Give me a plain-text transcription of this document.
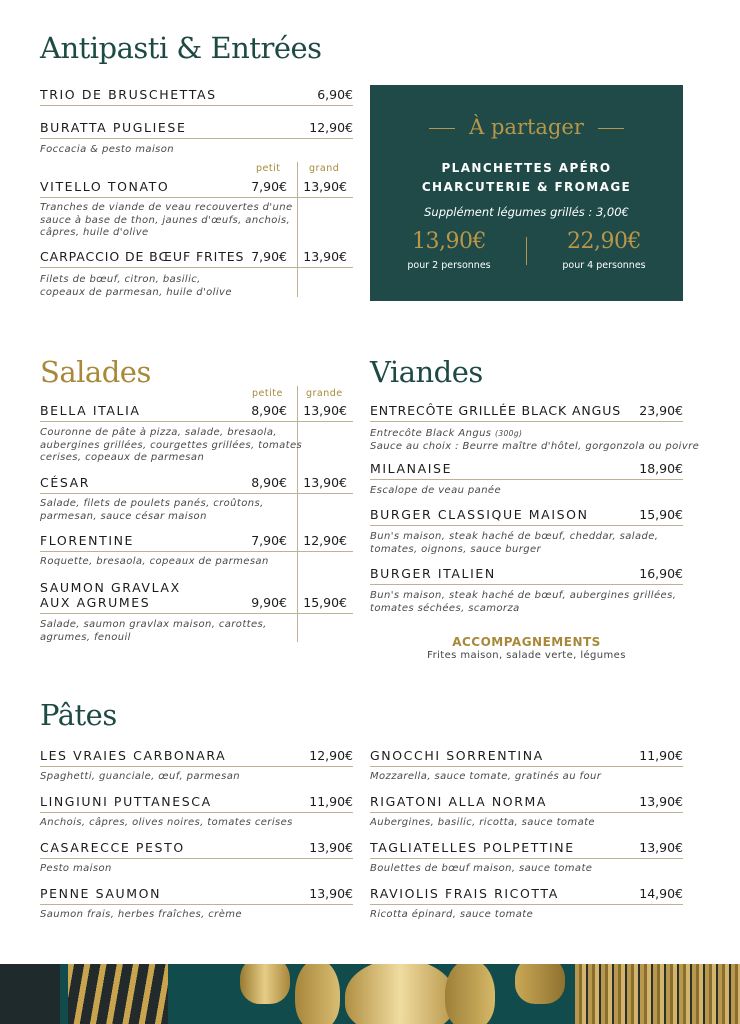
Antipasti & Entrées
TRIO DE BRUSCHETTAS	6,90€
BURATTA PUGLIESE	12,90€
Foccacia & pesto maison
petit	grand
VITELLO TONATO	7,90€ 13,90€
Tranches de viande de veau recouvertes d'une
sauce à base de thon, jaunes d'œufs, anchois,
câpres, huile d'olive
CARPACCIO DE BŒUF FRITES 7,90€ 13,90€
Filets de bœuf, citron, basilic,
copeaux de parmesan, huile d'olive
À partager
PLANCHETTES APÉRO
CHARCUTERIE & FROMAGE
Supplément légumes grillés : 3,00€
13,90€
pour 2 personnes
22,90€
pour 4 personnes
Salades
petite grande
BELLA ITALIA	8,90€ 13,90€
Couronne de pâte à pizza, salade, bresaola,
aubergines grillées, courgettes grillées, tomates
cerises, copeaux de parmesan
CÉSAR	8,90€ 13,90€
Salade, filets de poulets panés, croûtons,
parmesan, sauce césar maison
FLORENTINE	7,90€ 12,90€
Roquette, bresaola, copeaux de parmesan
SAUMON GRAVLAX
AUX AGRUMES	9,90€ 15,90€
Salade, saumon gravlax maison, carottes,
agrumes, fenouil
Viandes
ENTRECÔTE GRILLÉE BLACK ANGUS 23,90€
Entrecôte Black Angus (300g)
Sauce au choix : Beurre maître d'hôtel, gorgonzola ou poivre
MILANAISE	18,90€
Escalope de veau panée
BURGER CLASSIQUE MAISON	15,90€
Bun's maison, steak haché de bœuf, cheddar, salade,
tomates, oignons, sauce burger
BURGER ITALIEN	16,90€
Bun's maison, steak haché de bœuf, aubergines grillées,
tomates séchées, scamorza
ACCOMPAGNEMENTS
Frites maison, salade verte, légumes
Pâtes
LES VRAIES CARBONARA	12,90€
Spaghetti, guanciale, œuf, parmesan
LINGIUNI PUTTANESCA	11,90€
Anchois, câpres, olives noires, tomates cerises
CASARECCE PESTO	13,90€
Pesto maison
PENNE SAUMON	13,90€
Saumon frais, herbes fraîches, crème
GNOCCHI SORRENTINA	11,90€
Mozzarella, sauce tomate, gratinés au four
RIGATONI ALLA NORMA	13,90€
Aubergines, basilic, ricotta, sauce tomate
TAGLIATELLES POLPETTINE	13,90€
Boulettes de bœuf maison, sauce tomate
RAVIOLIS FRAIS RICOTTA	14,90€
Ricotta épinard, sauce tomate
